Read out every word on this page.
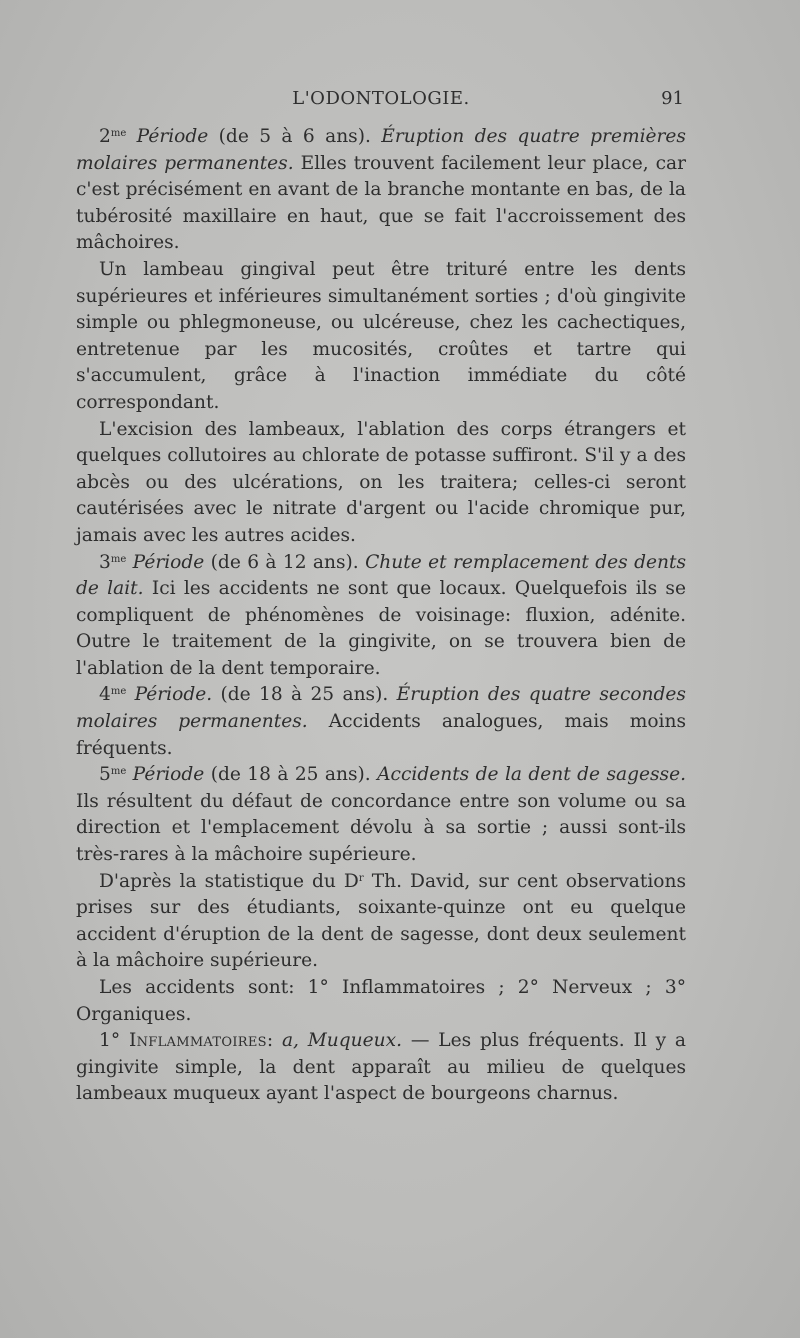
L'ODONTOLOGIE.	91

$2^{me}$ Période (de 5 à 6 ans). Éruption des quatre premières molaires permanentes. Elles trouvent facilement leur place, car c'est précisément en avant de la branche montante en bas, de la tubérosité maxillaire en haut, que se fait l'accroissement des mâchoires.

Un lambeau gingival peut être trituré entre les dents supérieures et inférieures simultanément sorties ; d'où gingivite simple ou phlegmoneuse, ou ulcéreuse, chez les cachectiques, entretenue par les mucosités, croûtes et tartre qui s'accumulent, grâce à l'inaction immédiate du côté correspondant.

L'excision des lambeaux, l'ablation des corps étrangers et quelques collutoires au chlorate de potasse suffiront. S'il y a des abcès ou des ulcérations, on les traitera; celles-ci seront cautérisées avec le nitrate d'argent ou l'acide chromique pur, jamais avec les autres acides.

$3^{me}$ Période (de 6 à 12 ans). Chute et remplacement des dents de lait. Ici les accidents ne sont que locaux. Quelquefois ils se compliquent de phénomènes de voisinage: fluxion, adénite. Outre le traitement de la gingivite, on se trouvera bien de l'ablation de la dent temporaire.

$4^{me}$ Période. (de 18 à 25 ans). Éruption des quatre secondes molaires permanentes. Accidents analogues, mais moins fréquents.

$5^{me}$ Période (de 18 à 25 ans). Accidents de la dent de sagesse. Ils résultent du défaut de concordance entre son volume ou sa direction et l'emplacement dévolu à sa sortie ; aussi sont-ils très-rares à la mâchoire supérieure.

D'après la statistique du $D^r$ Th. David, sur cent observations prises sur des étudiants, soixante-quinze ont eu quelque accident d'éruption de la dent de sagesse, dont deux seulement à la mâchoire supérieure.

Les accidents sont: 1° Inflammatoires ; 2° Nerveux ; 3° Organiques.

1° Inflammatoires: a, Muqueux. — Les plus fréquents. Il y a gingivite simple, la dent apparaît au milieu de quelques lambeaux muqueux ayant l'aspect de bourgeons charnus.
